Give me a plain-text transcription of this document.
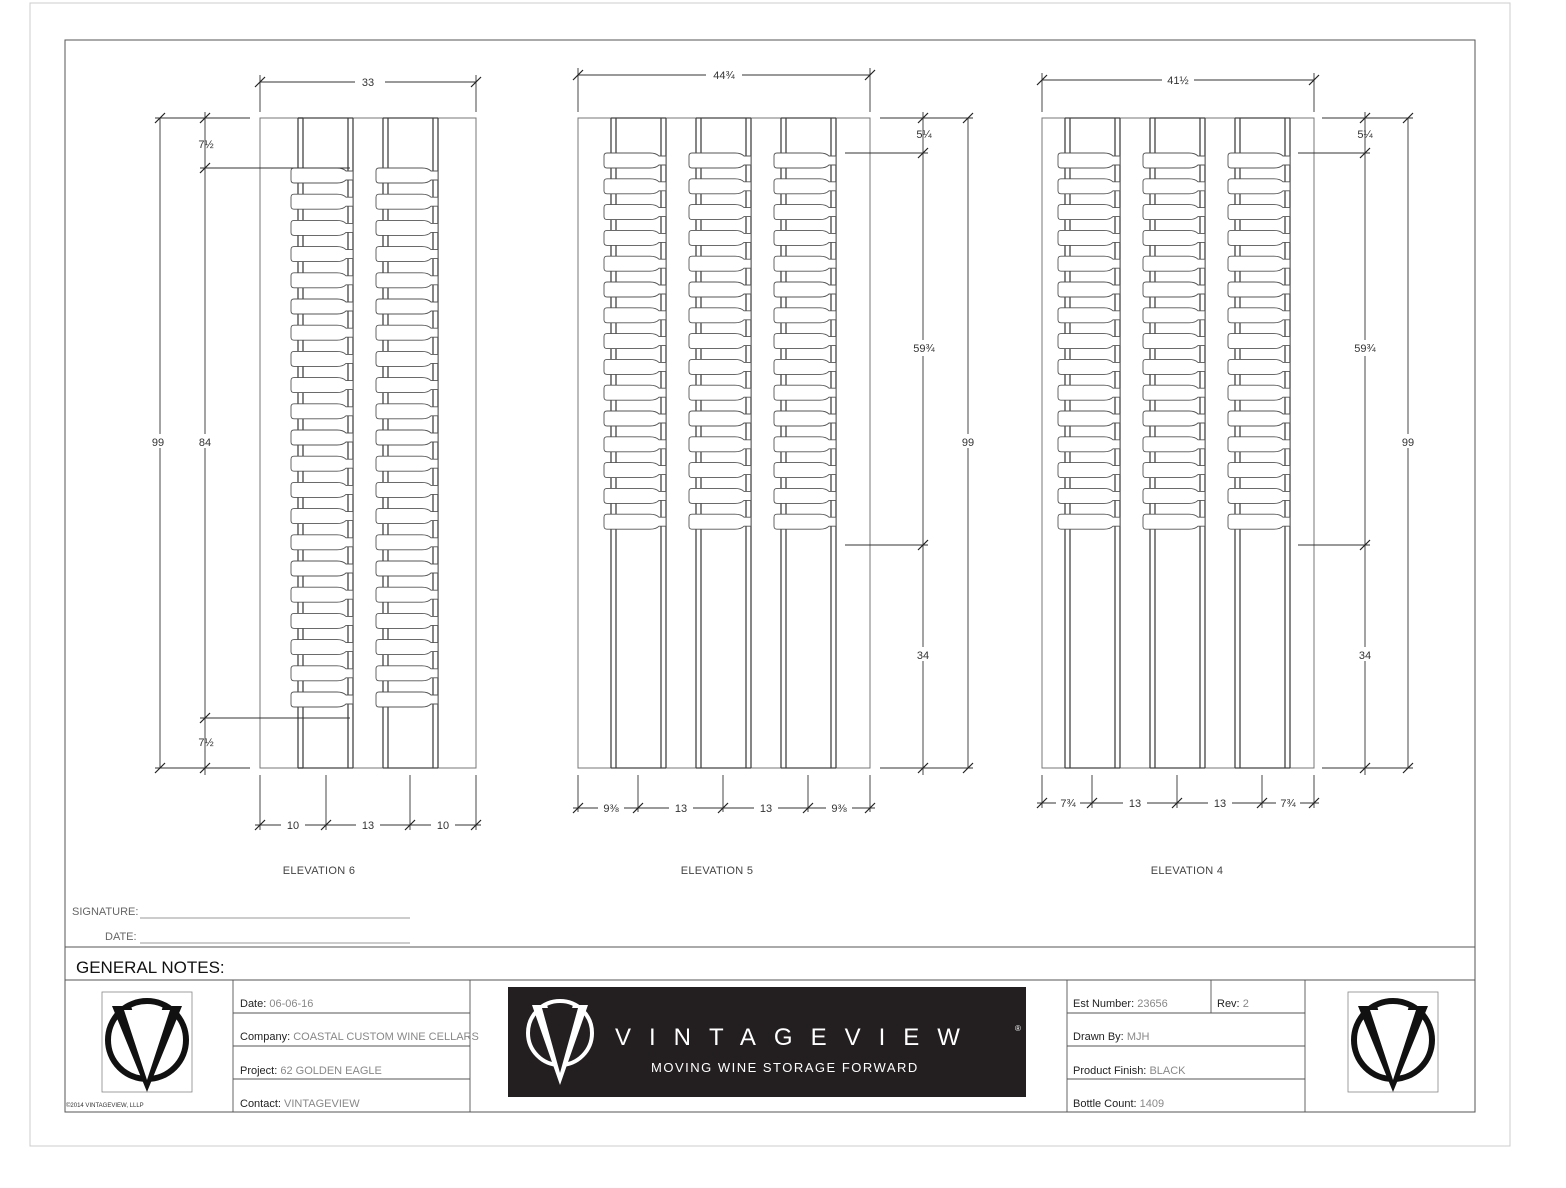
33
99	84
7½
7½
10	13	10
ELEVATION 6
44¾
99
5¼
59¾
34
9⅜	13	13	9⅜
ELEVATION 5
41½
99
5¼
59¾
34
7¾	13	13	7¾
ELEVATION 4
SIGNATURE:
DATE:
GENERAL NOTES:
Date: 06-06-16
Company: COASTAL CUSTOM WINE CELLARS
Project: 62 GOLDEN EAGLE
Contact: VINTAGEVIEW
VINTAGEVIEW	®
MOVING WINE STORAGE FORWARD
Est Number: 23656	Rev: 2
Drawn By: MJH
Product Finish: BLACK
Bottle Count: 1409
©2014 VINTAGEVIEW, LLLP
